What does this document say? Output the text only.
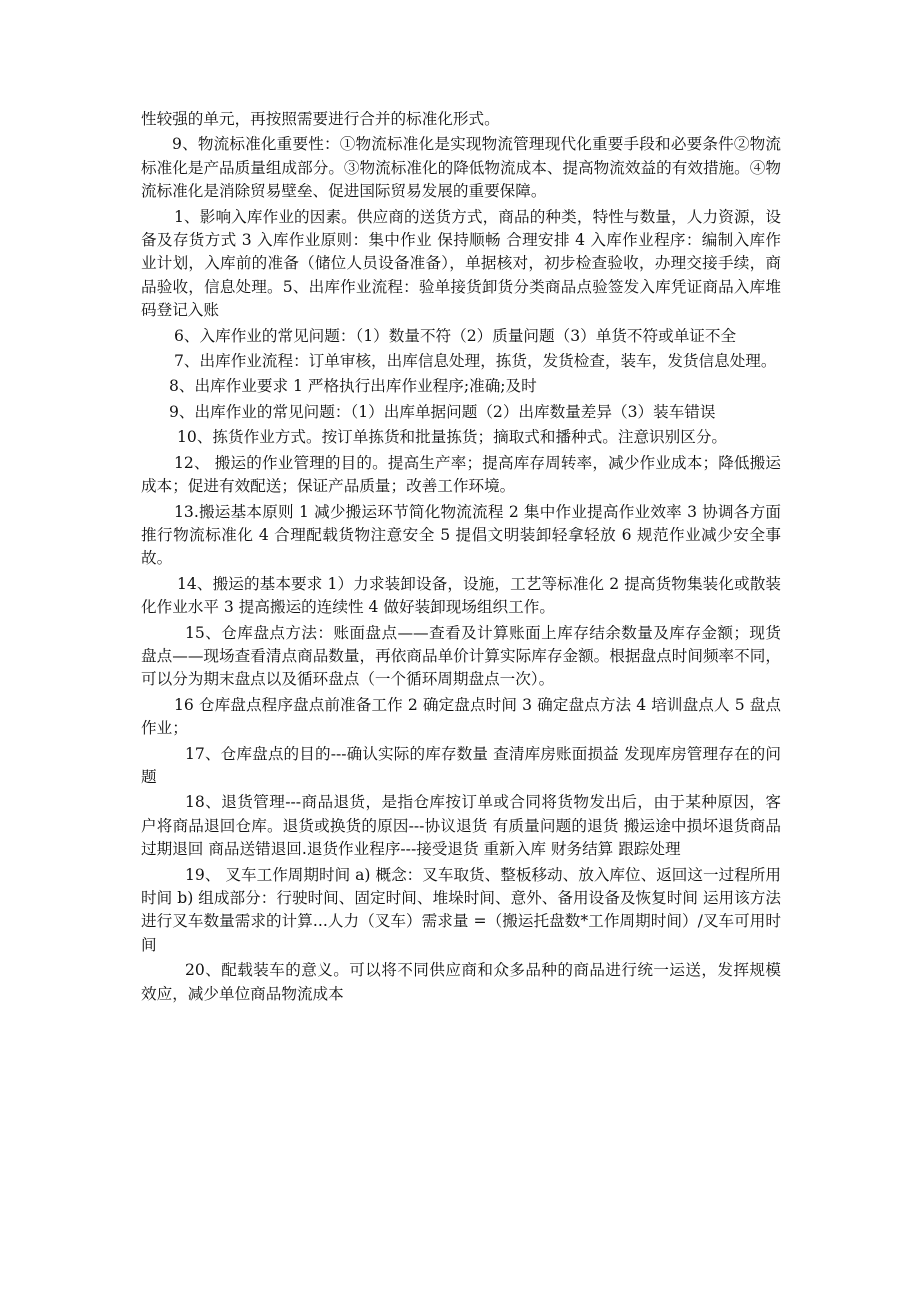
性较强的单元，再按照需要进行合并的标准化形式。

9、物流标准化重要性：①物流标准化是实现物流管理现代化重要手段和必要条件②物流标准化是产品质量组成部分。③物流标准化的降低物流成本、提高物流效益的有效措施。④物流标准化是消除贸易壁垒、促进国际贸易发展的重要保障。

1、影响入库作业的因素。供应商的送货方式，商品的种类，特性与数量，人力资源，设备及存货方式 3 入库作业原则：集中作业 保持顺畅 合理安排 4 入库作业程序：编制入库作业计划，入库前的准备（储位人员设备准备），单据核对，初步检查验收，办理交接手续，商品验收，信息处理。5、出库作业流程：验单接货卸货分类商品点验签发入库凭证商品入库堆码登记入账

6、入库作业的常见问题：（1）数量不符（2）质量问题（3）单货不符或单证不全

7、出库作业流程：订单审核，出库信息处理，拣货，发货检查，装车，发货信息处理。

8、出库作业要求 1 严格执行出库作业程序;准确;及时

9、出库作业的常见问题：（1）出库单据问题（2）出库数量差异（3）装车错误

10、拣货作业方式。按订单拣货和批量拣货；摘取式和播种式。注意识别区分。

12、 搬运的作业管理的目的。提高生产率；提高库存周转率，减少作业成本；降低搬运成本；促进有效配送；保证产品质量；改善工作环境。

13.搬运基本原则 1 减少搬运环节简化物流流程 2 集中作业提高作业效率 3 协调各方面推行物流标准化 4 合理配载货物注意安全 5 提倡文明装卸轻拿轻放 6 规范作业减少安全事故。

14、搬运的基本要求 1）力求装卸设备，设施，工艺等标准化 2 提高货物集装化或散装化作业水平 3 提高搬运的连续性 4 做好装卸现场组织工作。

15、仓库盘点方法：账面盘点——查看及计算账面上库存结余数量及库存金额；现货盘点——现场查看清点商品数量，再依商品单价计算实际库存金额。根据盘点时间频率不同，可以分为期末盘点以及循环盘点（一个循环周期盘点一次）。

16 仓库盘点程序盘点前准备工作 2 确定盘点时间 3 确定盘点方法 4 培训盘点人 5 盘点作业；

17、仓库盘点的目的---确认实际的库存数量 查清库房账面损益 发现库房管理存在的问题

18、退货管理---商品退货，是指仓库按订单或合同将货物发出后，由于某种原因，客户将商品退回仓库。退货或换货的原因---协议退货 有质量问题的退货 搬运途中损坏退货商品过期退回 商品送错退回.退货作业程序---接受退货 重新入库 财务结算 跟踪处理

19、 叉车工作周期时间 a) 概念：叉车取货、整板移动、放入库位、返回这一过程所用时间 b) 组成部分：行驶时间、固定时间、堆垛时间、意外、备用设备及恢复时间 运用该方法进行叉车数量需求的计算...人力（叉车）需求量 =（搬运托盘数*工作周期时间）/叉车可用时间

20、配载装车的意义。可以将不同供应商和众多品种的商品进行统一运送，发挥规模效应，减少单位商品物流成本
